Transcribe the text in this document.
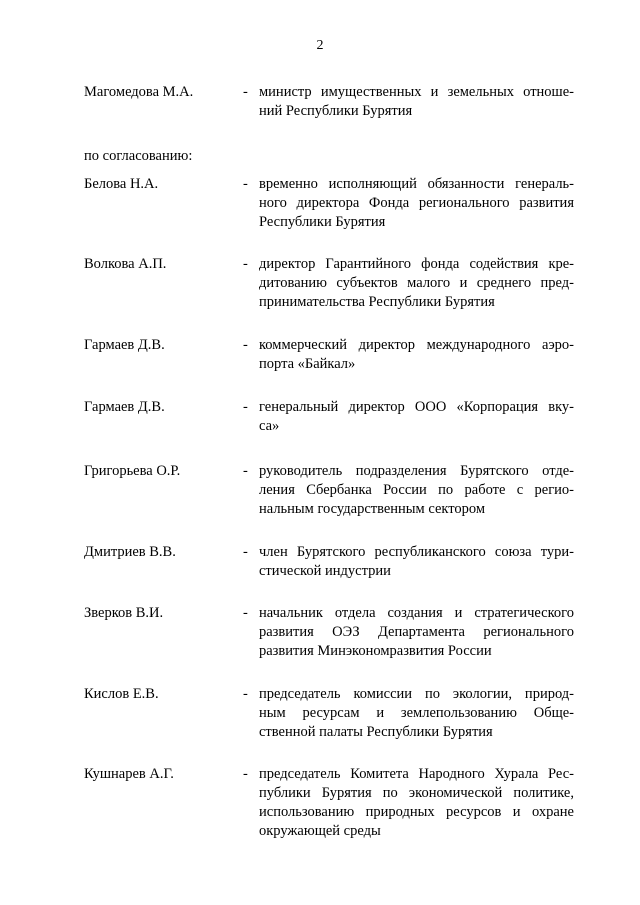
2
по согласованию:
Магомедова М.А.	- министр имущественных и земельных отноше-
ний Республики Бурятия
Белова Н.А.	- временно исполняющий обязанности генераль-
ного директора Фонда регионального развития
Республики Бурятия
Волкова А.П.	- директор Гарантийного фонда содействия кре-
дитованию субъектов малого и среднего пред-
принимательства Республики Бурятия
Гармаев Д.В.	- коммерческий директор международного аэро-
порта «Байкал»
Гармаев Д.В.	- генеральный директор ООО «Корпорация вку-
са»
Григорьева О.Р.	- руководитель подразделения Бурятского отде-
ления Сбербанка России по работе с регио-
нальным государственным сектором
Дмитриев В.В.	- член Бурятского республиканского союза тури-
стической индустрии
Зверков В.И.	- начальник отдела создания и стратегического
развития ОЭЗ Департамента регионального
развития Минэкономразвития России
Кислов Е.В.	- председатель комиссии по экологии, природ-
ным ресурсам и землепользованию Обще-
ственной палаты Республики Бурятия
Кушнарев А.Г.	- председатель Комитета Народного Хурала Рес-
публики Бурятия по экономической политике,
использованию природных ресурсов и охране
окружающей среды
